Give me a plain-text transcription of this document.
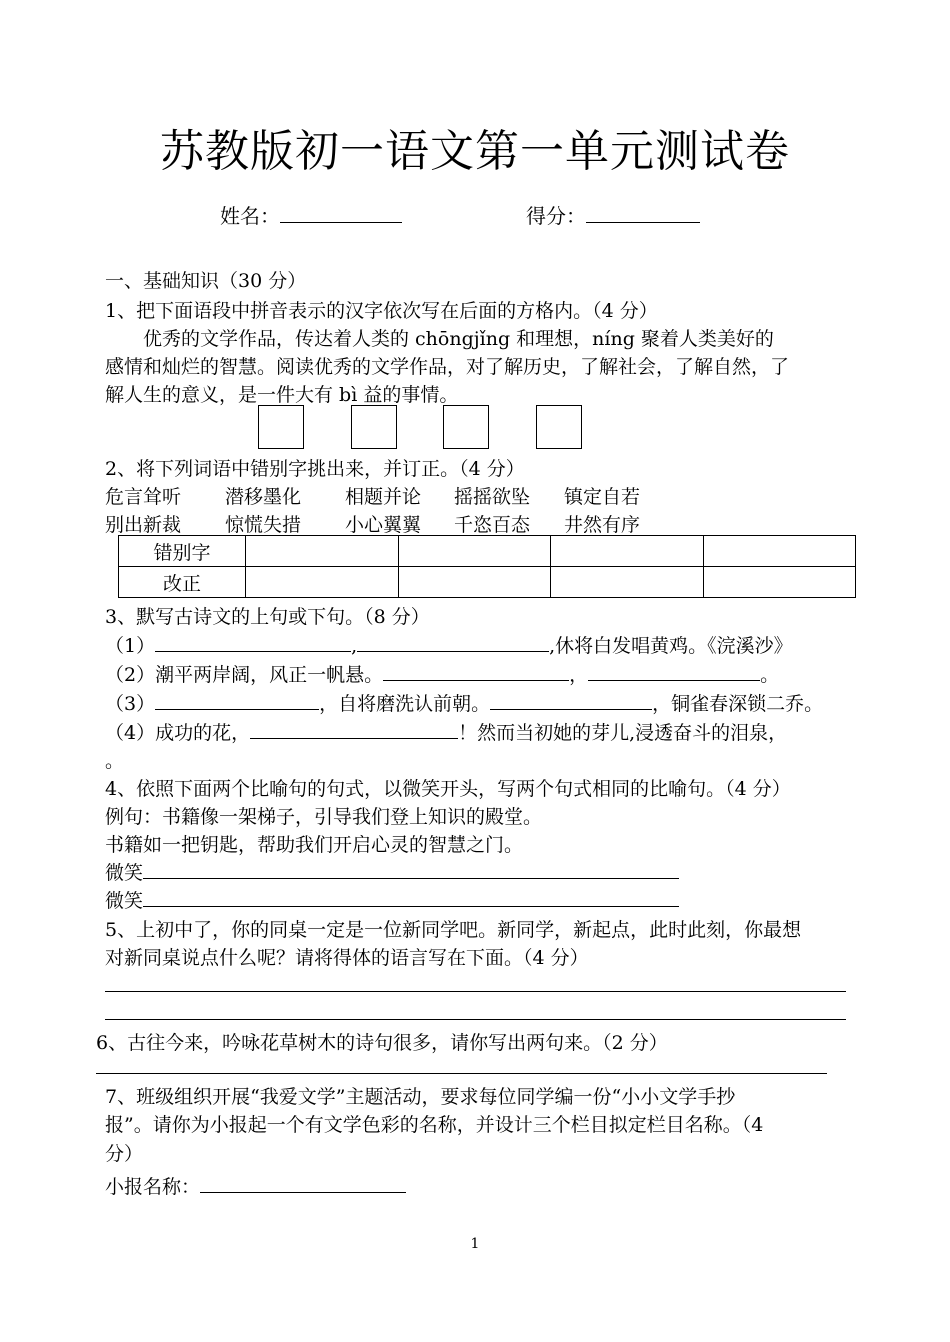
苏教版初一语文第一单元测试卷
姓名：	得分：
一、基础知识（30 分）
1、把下面语段中拼音表示的汉字依次写在后面的方格内。（4 分）
优秀的文学作品，传达着人类的 chōngjǐng 和理想，níng 聚着人类美好的
感情和灿烂的智慧。阅读优秀的文学作品，对了解历史，了解社会，了解自然，了
解人生的意义，是一件大有 bì 益的事情。
2、将下列词语中错别字挑出来，并订正。（4 分）
危言耸听 潜移墨化 相题并论 摇摇欲坠 镇定自若
别出新裁 惊慌失措 小心翼翼 千恣百态 井然有序
错别字				
改正				
3、默写古诗文的上句或下句。（8 分）
（1）	,	,休将白发唱黄鸡。《浣溪沙》
（2）潮平两岸阔，风正一帆悬。	，	。
（3）	，自将磨洗认前朝。	，铜雀春深锁二乔。
（4）成功的花，	！然而当初她的芽儿,浸透奋斗的泪泉，
。
4、依照下面两个比喻句的句式，以微笑开头，写两个句式相同的比喻句。（4 分）
例句：书籍像一架梯子，引导我们登上知识的殿堂。
书籍如一把钥匙，帮助我们开启心灵的智慧之门。
微笑
微笑
5、上初中了，你的同桌一定是一位新同学吧。新同学，新起点，此时此刻，你最想
对新同桌说点什么呢？请将得体的语言写在下面。（4 分）
6、古往今来，吟咏花草树木的诗句很多，请你写出两句来。（2 分）
7、班级组织开展“我爱文学”主题活动，要求每位同学编一份“小小文学手抄
报”。请你为小报起一个有文学色彩的名称，并设计三个栏目拟定栏目名称。（4
分）
小报名称：
1
